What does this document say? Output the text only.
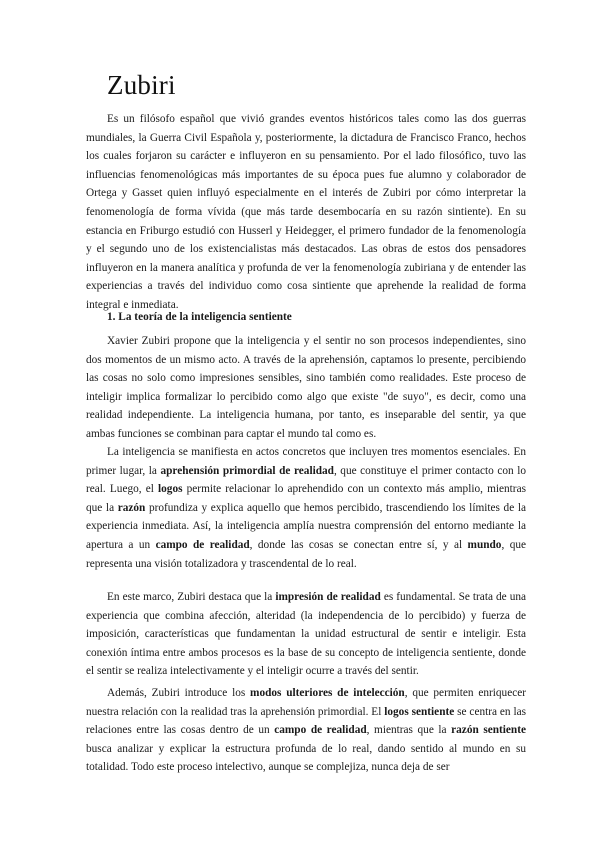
Zubiri

Es un filósofo español que vivió grandes eventos históricos tales como las dos guerras mundiales, la Guerra Civil Española y, posteriormente, la dictadura de Francisco Franco, hechos los cuales forjaron su carácter e influyeron en su pensamiento. Por el lado filosófico, tuvo las influencias fenomenológicas más importantes de su época pues fue alumno y colaborador de Ortega y Gasset quien influyó especialmente en el interés de Zubiri por cómo interpretar la fenomenología de forma vívida (que más tarde desembocaría en su razón sintiente). En su estancia en Friburgo estudió con Husserl y Heidegger, el primero fundador de la fenomenología y el segundo uno de los existencialistas más destacados. Las obras de estos dos pensadores influyeron en la manera analítica y profunda de ver la fenomenología zubiriana y de entender las experiencias a través del individuo como cosa sintiente que aprehende la realidad de forma integral e inmediata.

1. La teoría de la inteligencia sentiente

Xavier Zubiri propone que la inteligencia y el sentir no son procesos independientes, sino dos momentos de un mismo acto. A través de la aprehensión, captamos lo presente, percibiendo las cosas no solo como impresiones sensibles, sino también como realidades. Este proceso de inteligir implica formalizar lo percibido como algo que existe "de suyo", es decir, como una realidad independiente. La inteligencia humana, por tanto, es inseparable del sentir, ya que ambas funciones se combinan para captar el mundo tal como es.

La inteligencia se manifiesta en actos concretos que incluyen tres momentos esenciales. En primer lugar, la aprehensión primordial de realidad, que constituye el primer contacto con lo real. Luego, el logos permite relacionar lo aprehendido con un contexto más amplio, mientras que la razón profundiza y explica aquello que hemos percibido, trascendiendo los límites de la experiencia inmediata. Así, la inteligencia amplía nuestra comprensión del entorno mediante la apertura a un campo de realidad, donde las cosas se conectan entre sí, y al mundo, que representa una visión totalizadora y trascendental de lo real.

En este marco, Zubiri destaca que la impresión de realidad es fundamental. Se trata de una experiencia que combina afección, alteridad (la independencia de lo percibido) y fuerza de imposición, características que fundamentan la unidad estructural de sentir e inteligir. Esta conexión íntima entre ambos procesos es la base de su concepto de inteligencia sentiente, donde el sentir se realiza intelectivamente y el inteligir ocurre a través del sentir.

Además, Zubiri introduce los modos ulteriores de intelección, que permiten enriquecer nuestra relación con la realidad tras la aprehensión primordial. El logos sentiente se centra en las relaciones entre las cosas dentro de un campo de realidad, mientras que la razón sentiente busca analizar y explicar la estructura profunda de lo real, dando sentido al mundo en su totalidad. Todo este proceso intelectivo, aunque se complejiza, nunca deja de ser
